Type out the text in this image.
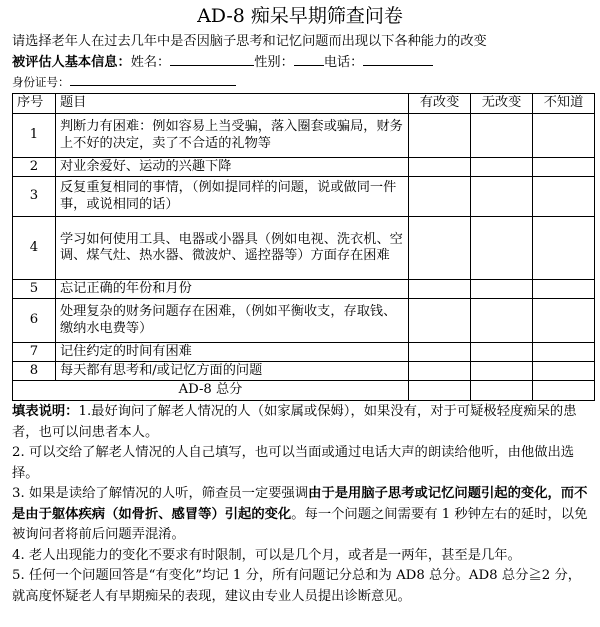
AD-8 痴呆早期筛查问卷
请选择老年人在过去几年中是否因脑子思考和记忆问题而出现以下各种能力的改变
被评估人基本信息：姓名：	性别： 电话：
身份证号：
序号	题目	有改变	无改变	不知道
1	判断力有困难：例如容易上当受骗，落入圈套或骗局，财务上不好的决定，卖了不合适的礼物等			
2	对业余爱好、运动的兴趣下降			
3	反复重复相同的事情，（例如提同样的问题，说或做同一件事，或说相同的话）			
4	学习如何使用工具、电器或小器具（例如电视、洗衣机、空调、煤气灶、热水器、微波炉、遥控器等）方面存在困难			
5	忘记正确的年份和月份			
6	处理复杂的财务问题存在困难，（例如平衡收支，存取钱、缴纳水电费等）			
7	记住约定的时间有困难			
8	每天都有思考和/或记忆方面的问题			
AD-8 总分				

填表说明：1.最好询问了解老人情况的人（如家属或保姆），如果没有，对于可疑极轻度痴呆的患者，也可以问患者本人。

2. 可以交给了解老人情况的人自己填写，也可以当面或通过电话大声的朗读给他听，由他做出选择。

3. 如果是读给了解情况的人听，筛查员一定要强调由于是用脑子思考或记忆问题引起的变化，而不是由于躯体疾病（如骨折、感冒等）引起的变化。每一个问题之间需要有 1 秒钟左右的延时，以免被询问者将前后问题弄混淆。

4. 老人出现能力的变化不要求有时限制，可以是几个月，或者是一两年，甚至是几年。

5. 任何一个问题回答是“有变化”均记 1 分，所有问题记分总和为 AD8 总分。AD8 总分≧2 分，就高度怀疑老人有早期痴呆的表现，建议由专业人员提出诊断意见。
